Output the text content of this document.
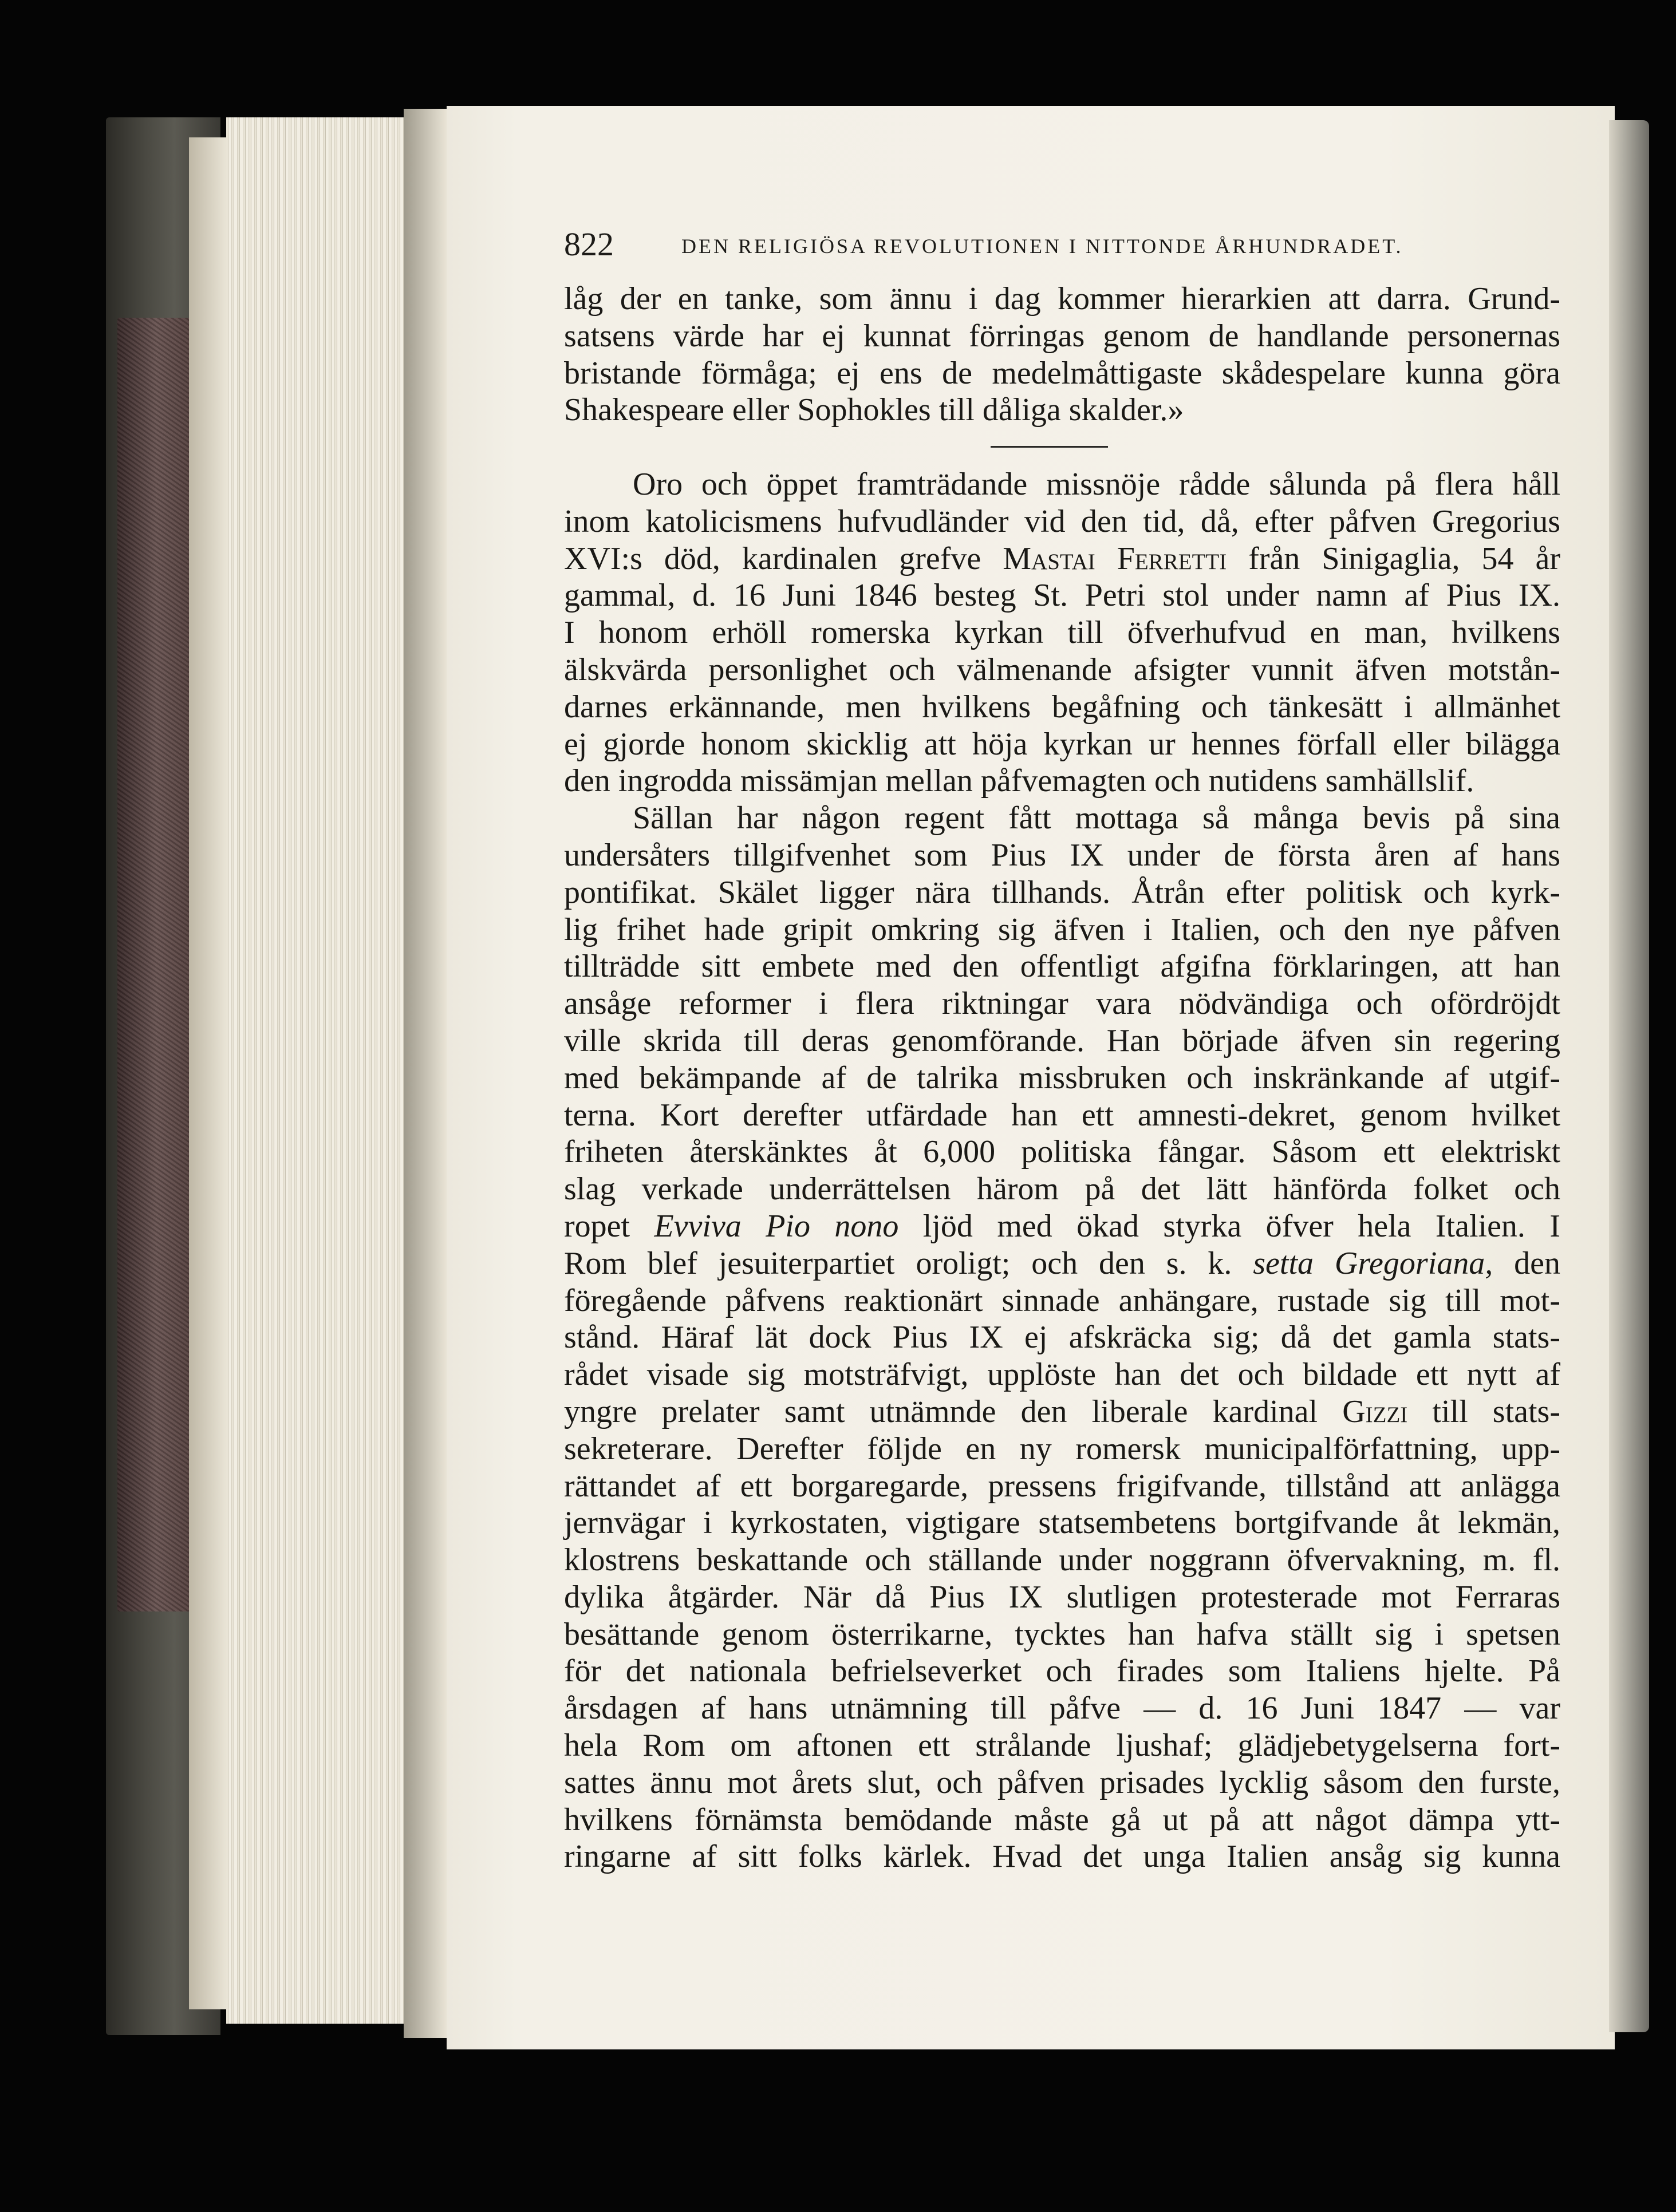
822	DEN RELIGIÖSA REVOLUTIONEN I NITTONDE ÅRHUNDRADET.
låg der en tanke, som ännu i dag kommer hierarkien att darra. Grund-
satsens värde har ej kunnat förringas genom de handlande personernas
bristande förmåga; ej ens de medelmåttigaste skådespelare kunna göra
Shakespeare eller Sophokles till dåliga skalder.»
Oro och öppet framträdande missnöje rådde sålunda på flera håll
inom katolicismens hufvudländer vid den tid, då, efter påfven Gregorius
XVI:s död, kardinalen grefve Mastai Ferretti från Sinigaglia, 54 år
gammal, d. 16 Juni 1846 besteg St. Petri stol under namn af Pius IX.
I honom erhöll romerska kyrkan till öfverhufvud en man, hvilkens
älskvärda personlighet och välmenande afsigter vunnit äfven motstån-
darnes erkännande, men hvilkens begåfning och tänkesätt i allmänhet
ej gjorde honom skicklig att höja kyrkan ur hennes förfall eller bilägga
den ingrodda missämjan mellan påfvemagten och nutidens samhällslif.
Sällan har någon regent fått mottaga så många bevis på sina
undersåters tillgifvenhet som Pius IX under de första åren af hans
pontifikat. Skälet ligger nära tillhands. Åtrån efter politisk och kyrk-
lig frihet hade gripit omkring sig äfven i Italien, och den nye påfven
tillträdde sitt embete med den offentligt afgifna förklaringen, att han
ansåge reformer i flera riktningar vara nödvändiga och ofördröjdt
ville skrida till deras genomförande. Han började äfven sin regering
med bekämpande af de talrika missbruken och inskränkande af utgif-
terna. Kort derefter utfärdade han ett amnesti-dekret, genom hvilket
friheten återskänktes åt 6,000 politiska fångar. Såsom ett elektriskt
slag verkade underrättelsen härom på det lätt hänförda folket och
ropet Evviva Pio nono ljöd med ökad styrka öfver hela Italien. I
Rom blef jesuiterpartiet oroligt; och den s. k. setta Gregoriana, den
föregående påfvens reaktionärt sinnade anhängare, rustade sig till mot-
stånd. Häraf lät dock Pius IX ej afskräcka sig; då det gamla stats-
rådet visade sig motsträfvigt, upplöste han det och bildade ett nytt af
yngre prelater samt utnämnde den liberale kardinal Gizzi till stats-
sekreterare. Derefter följde en ny romersk municipalförfattning, upp-
rättandet af ett borgaregarde, pressens frigifvande, tillstånd att anlägga
jernvägar i kyrkostaten, vigtigare statsembetens bortgifvande åt lekmän,
klostrens beskattande och ställande under noggrann öfvervakning, m. fl.
dylika åtgärder. När då Pius IX slutligen protesterade mot Ferraras
besättande genom österrikarne, tycktes han hafva ställt sig i spetsen
för det nationala befrielseverket och firades som Italiens hjelte. På
årsdagen af hans utnämning till påfve — d. 16 Juni 1847 — var
hela Rom om aftonen ett strålande ljushaf; glädjebetygelserna fort-
sattes ännu mot årets slut, och påfven prisades lycklig såsom den furste,
hvilkens förnämsta bemödande måste gå ut på att något dämpa ytt-
ringarne af sitt folks kärlek. Hvad det unga Italien ansåg sig kunna
